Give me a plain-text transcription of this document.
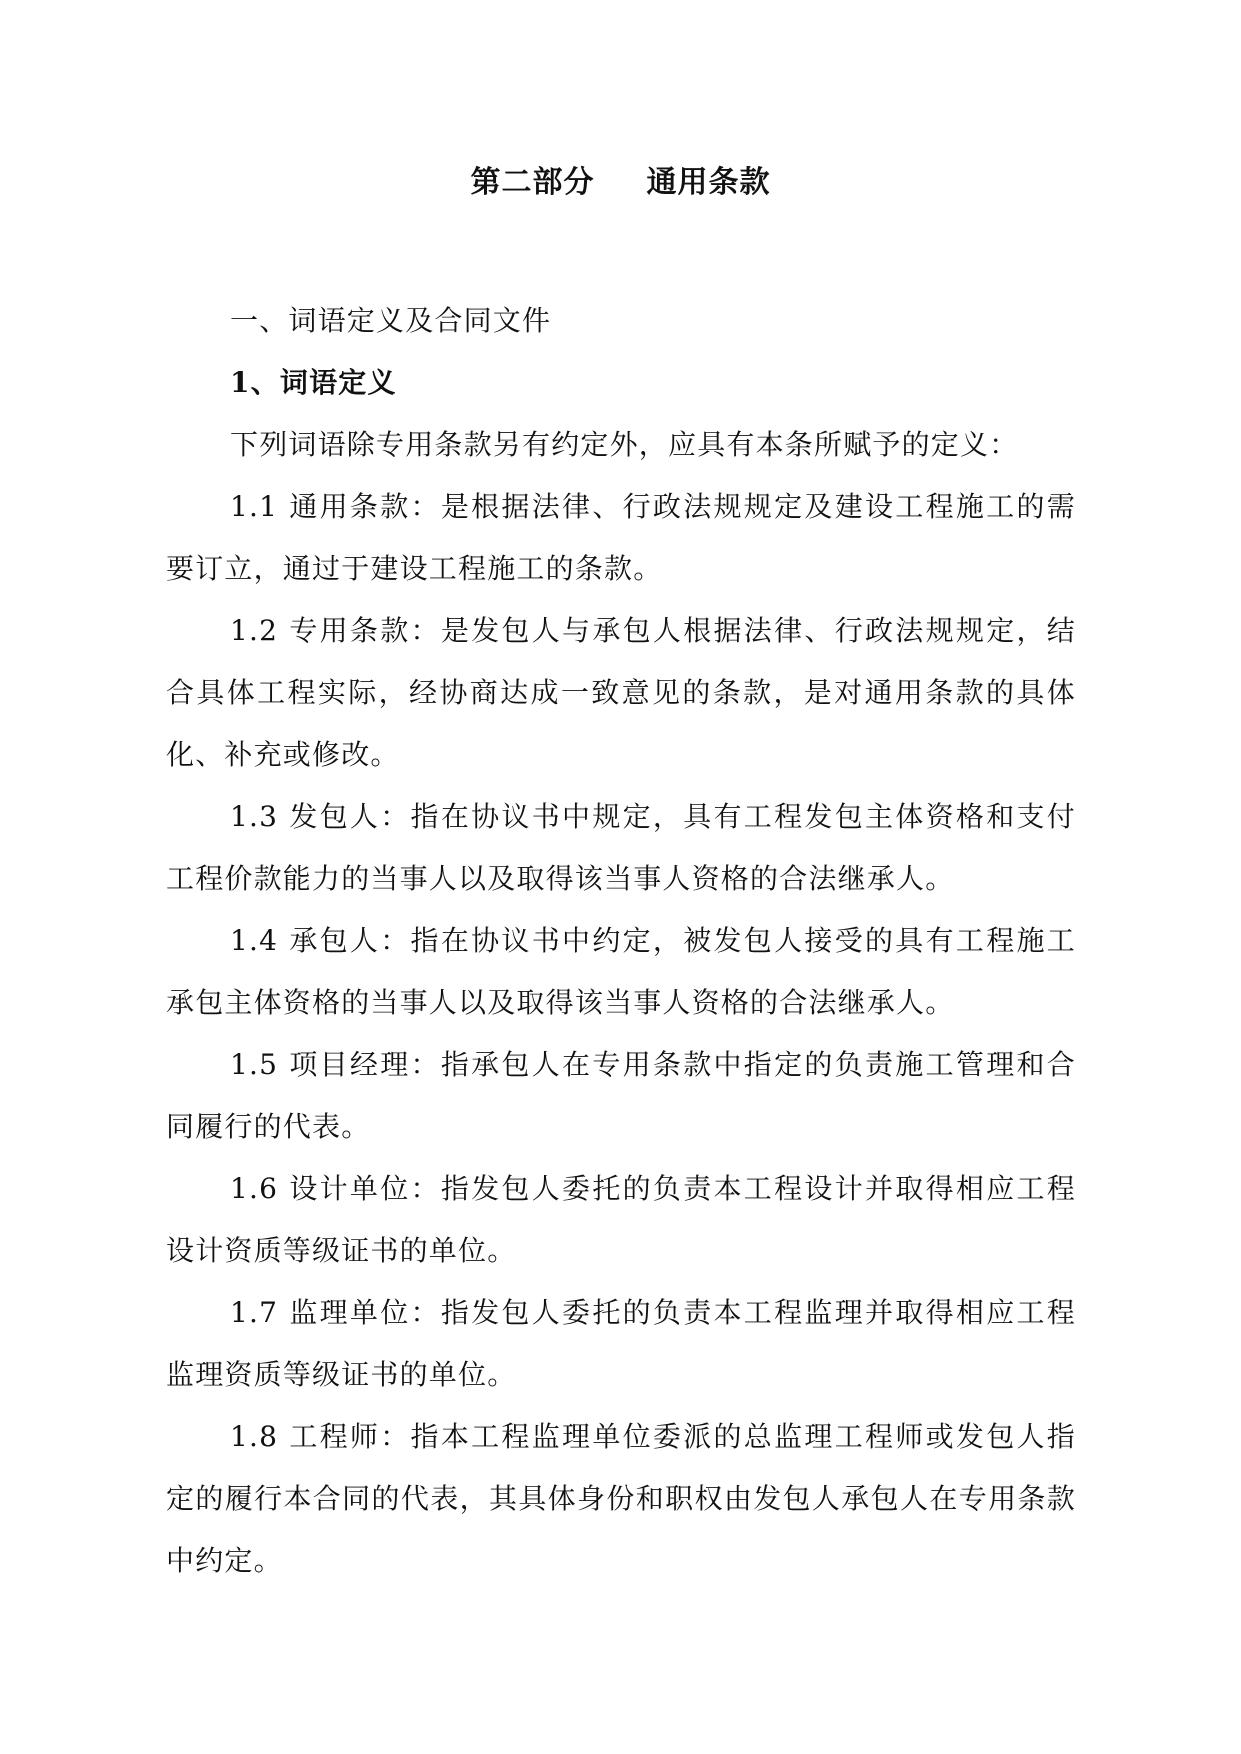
第二部分 通用条款

一、词语定义及合同文件

1、词语定义

下列词语除专用条款另有约定外，应具有本条所赋予的定义：

1.1 通用条款：是根据法律、行政法规规定及建设工程施工的需要订立，通过于建设工程施工的条款。

1.2 专用条款：是发包人与承包人根据法律、行政法规规定，结合具体工程实际，经协商达成一致意见的条款，是对通用条款的具体化、补充或修改。

1.3 发包人：指在协议书中规定，具有工程发包主体资格和支付工程价款能力的当事人以及取得该当事人资格的合法继承人。

1.4 承包人：指在协议书中约定，被发包人接受的具有工程施工承包主体资格的当事人以及取得该当事人资格的合法继承人。

1.5 项目经理：指承包人在专用条款中指定的负责施工管理和合同履行的代表。

1.6 设计单位：指发包人委托的负责本工程设计并取得相应工程设计资质等级证书的单位。

1.7 监理单位：指发包人委托的负责本工程监理并取得相应工程监理资质等级证书的单位。

1.8 工程师：指本工程监理单位委派的总监理工程师或发包人指定的履行本合同的代表，其具体身份和职权由发包人承包人在专用条款中约定。
